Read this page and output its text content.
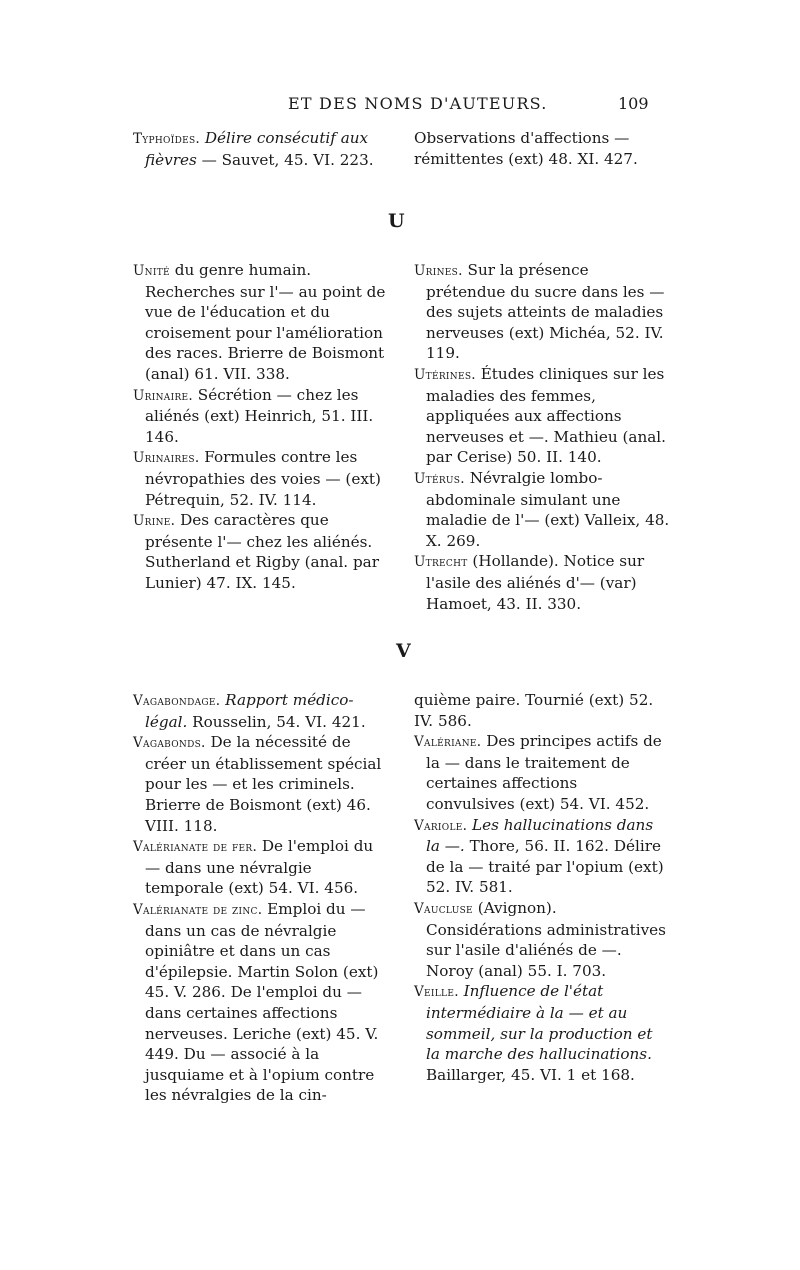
ET DES NOMS D'AUTEURS.	109
Typhoïdes. Délire consécutif aux fièvres — Sauvet, 45. VI. 223.
Observations d'affections — rémittentes (ext) 48. XI. 427.
U
Unité du genre humain. Recherches sur l'— au point de vue de l'éducation et du croisement pour l'amélioration des races. Brierre de Boismont (anal) 61. VII. 338.
Urinaire. Sécrétion — chez les aliénés (ext) Heinrich, 51. III. 146.
Urinaires. Formules contre les névropathies des voies — (ext) Pétrequin, 52. IV. 114.
Urine. Des caractères que présente l'— chez les aliénés. Sutherland et Rigby (anal. par Lunier) 47. IX. 145.
Urines. Sur la présence prétendue du sucre dans les — des sujets atteints de maladies nerveuses (ext) Michéa, 52. IV. 119.
Utérines. Études cliniques sur les maladies des femmes, appliquées aux affections nerveuses et —. Mathieu (anal. par Cerise) 50. II. 140.
Utérus. Névralgie lombo-abdominale simulant une maladie de l'— (ext) Valleix, 48. X. 269.
Utrecht (Hollande). Notice sur l'asile des aliénés d'— (var) Hamoet, 43. II. 330.
V
Vagabondage. Rapport médico-légal. Rousselin, 54. VI. 421.
Vagabonds. De la nécessité de créer un établissement spécial pour les — et les criminels. Brierre de Boismont (ext) 46. VIII. 118.
Valérianate de fer. De l'emploi du — dans une névralgie temporale (ext) 54. VI. 456.
Valérianate de zinc. Emploi du — dans un cas de névralgie opiniâtre et dans un cas d'épilepsie. Martin Solon (ext) 45. V. 286. De l'emploi du — dans certaines affections nerveuses. Leriche (ext) 45. V. 449. Du — associé à la jusquiame et à l'opium contre les névralgies de la cin-
quième paire. Tournié (ext) 52. IV. 586.
Valériane. Des principes actifs de la — dans le traitement de certaines affections convulsives (ext) 54. VI. 452.
Variole. Les hallucinations dans la —. Thore, 56. II. 162. Délire de la — traité par l'opium (ext) 52. IV. 581.
Vaucluse (Avignon). Considérations administratives sur l'asile d'aliénés de —. Noroy (anal) 55. I. 703.
Veille. Influence de l'état intermédiaire à la — et au sommeil, sur la production et la marche des hallucinations. Baillarger, 45. VI. 1 et 168.
